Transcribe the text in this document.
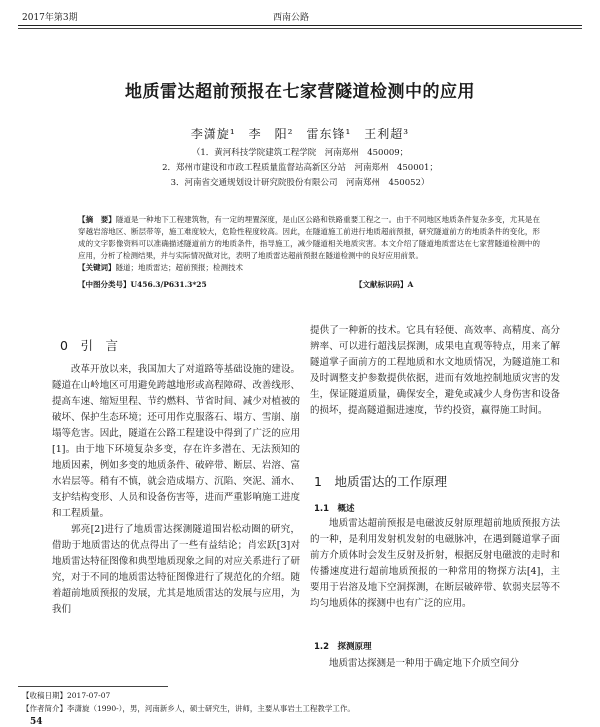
2017年第3期	西南公路
地质雷达超前预报在七家营隧道检测中的应用
李潇旋¹　李　阳²　雷东锋¹　王利超³
（1．黄河科技学院建筑工程学院　河南郑州　450009；
2．郑州市建设和市政工程质量监督站高新区分站　河南郑州　450001；
3．河南省交通规划设计研究院股份有限公司　河南郑州　450052）
【摘　要】隧道是一种地下工程建筑物，有一定的埋置深度，是山区公路和铁路重要工程之一。由于不同地区地质条件复杂多变，尤其是在穿越岩溶地区、断层带等，施工难度较大，危险性程度较高。因此，在隧道施工前进行地质超前预报，研究隧道前方的地质条件的变化，形成的文字影像资料可以准确描述隧道前方的地质条件，指导施工，减少隧道相关地质灾害。本文介绍了隧道地质雷达在七家营隧道检测中的应用，分析了检测结果，并与实际情况做对比，表明了地质雷达超前预报在隧道检测中的良好应用前景。
【关键词】隧道；地质雷达；超前预报；检测技术
【中图分类号】U456.3/P631.3*25	【文献标识码】A
0　引　言

改革开放以来，我国加大了对道路等基础设施的建设。隧道在山岭地区可用避免跨越地形或高程障碍、改善线形、提高车速、缩短里程、节约燃料、节省时间、减少对植被的破坏、保护生态环境；还可用作克服落石、塌方、雪崩、崩塌等危害。因此，隧道在公路工程建设中得到了广泛的应用[1]。由于地下环境复杂多变，存在许多潜在、无法预知的地质因素，例如多变的地质条件、破碎带、断层、岩溶、富水岩层等。稍有不慎，就会造成塌方、沉陷、突泥、涌水、支护结构变形、人员和设备伤害等，进而严重影响施工进度和工程质量。

郭亮[2]进行了地质雷达探测隧道围岩松动圈的研究，借助于地质雷达的优点得出了一些有益结论；肖宏跃[3]对地质雷达特征图像和典型地质现象之间的对应关系进行了研究，对于不同的地质雷达特征图像进行了规范化的介绍。随着超前地质预报的发展，尤其是地质雷达的发展与应用，为我们

提供了一种新的技术。它具有轻便、高效率、高精度、高分辨率、可以进行超浅层探测，成果电直观等特点，用来了解隧道掌子面前方的工程地质和水文地质情况，为隧道施工和及时调整支护参数提供依据，进而有效地控制地质灾害的发生，保证隧道质量，确保安全，避免或减少人身伤害和设备的损坏，提高隧道掘进速度，节约投资，赢得施工时间。

1　地质雷达的工作原理
1.1　概述

地质雷达超前预报是电磁波反射原理超前地质预报方法的一种，是利用发射机发射的电磁脉冲，在遇到隧道掌子面前方介质体时会发生反射及折射，根据反射电磁波的走时和传播速度进行超前地质预报的一种常用的物探方法[4]，主要用于岩溶及地下空洞探测，在断层破碎带、软弱夹层等不均匀地质体的探测中也有广泛的应用。

1.2　探测原理

地质雷达探测是一种用于确定地下介质空间分

【收稿日期】2017-07-07
【作者简介】李潇旋（1990-），男，河南新乡人，硕士研究生，讲师，主要从事岩土工程教学工作。
54
